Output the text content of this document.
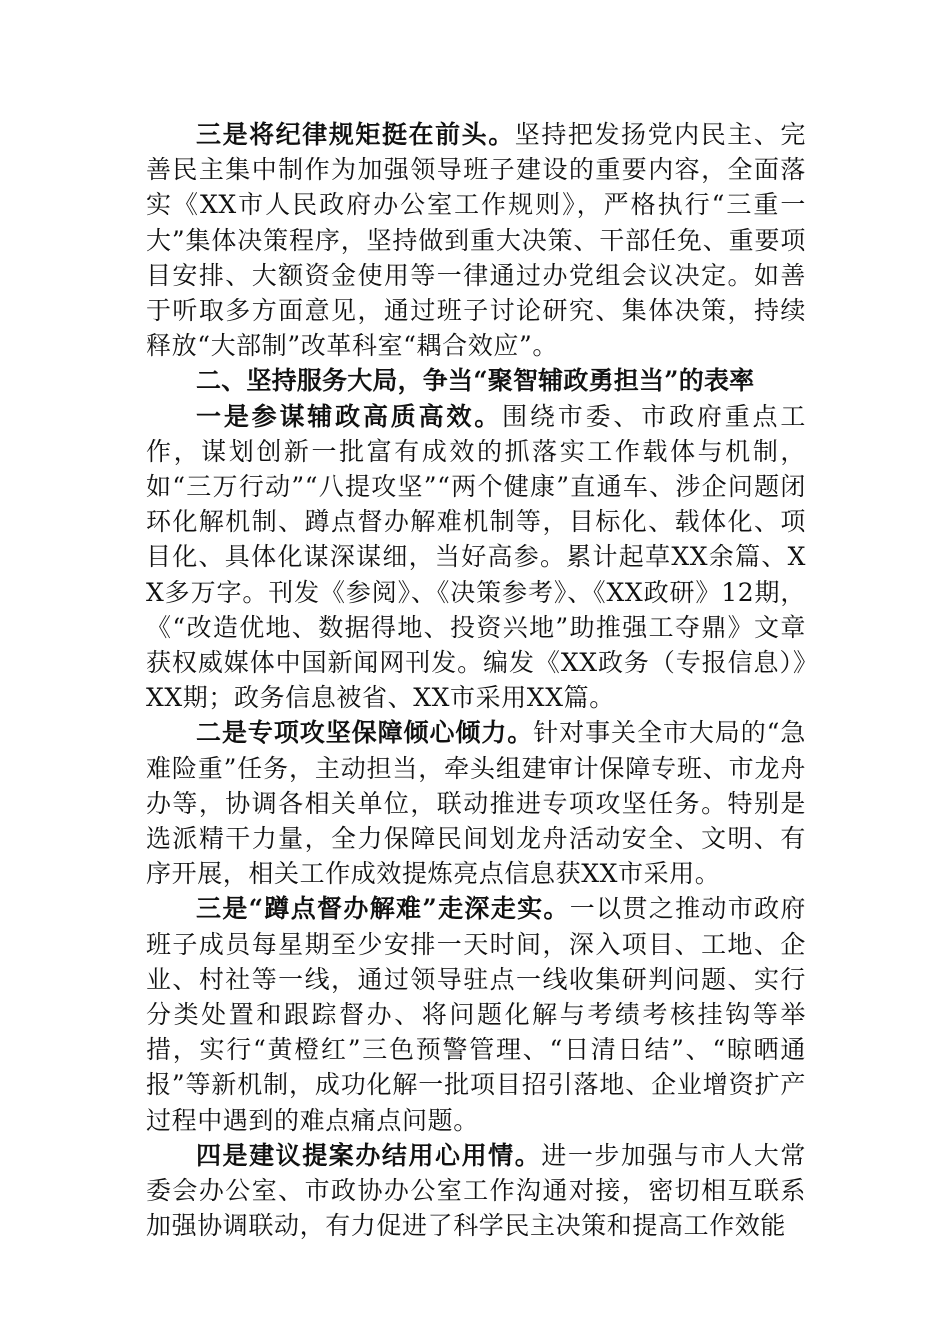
三是将纪律规矩挺在前头。坚持把发扬党内民主、完善民主集中制作为加强领导班子建设的重要内容，全面落实《XX市人民政府办公室工作规则》，严格执行“三重一大”集体决策程序，坚持做到重大决策、干部任免、重要项目安排、大额资金使用等一律通过办党组会议决定。如善于听取多方面意见，通过班子讨论研究、集体决策，持续释放“大部制”改革科室“耦合效应”。

二、坚持服务大局，争当“聚智辅政勇担当”的表率

一是参谋辅政高质高效。围绕市委、市政府重点工作，谋划创新一批富有成效的抓落实工作载体与机制，如“三万行动”“八提攻坚”“两个健康”直通车、涉企问题闭环化解机制、蹲点督办解难机制等，目标化、载体化、项目化、具体化谋深谋细，当好高参。累计起草XX余篇、XX多万字。刊发《参阅》、《决策参考》、《XX政研》12期，《“改造优地、数据得地、投资兴地”助推强工夺鼎》文章获权威媒体中国新闻网刊发。编发《XX政务（专报信息）》XX期；政务信息被省、XX市采用XX篇。

二是专项攻坚保障倾心倾力。针对事关全市大局的“急难险重”任务，主动担当，牵头组建审计保障专班、市龙舟办等，协调各相关单位，联动推进专项攻坚任务。特别是选派精干力量，全力保障民间划龙舟活动安全、文明、有序开展，相关工作成效提炼亮点信息获XX市采用。

三是“蹲点督办解难”走深走实。一以贯之推动市政府班子成员每星期至少安排一天时间，深入项目、工地、企业、村社等一线，通过领导驻点一线收集研判问题、实行分类处置和跟踪督办、将问题化解与考绩考核挂钩等举措，实行“黄橙红”三色预警管理、“日清日结”、“晾晒通报”等新机制，成功化解一批项目招引落地、企业增资扩产过程中遇到的难点痛点问题。

四是建议提案办结用心用情。进一步加强与市人大常委会办公室、市政协办公室工作沟通对接，密切相互联系加强协调联动，有力促进了科学民主决策和提高工作效能
